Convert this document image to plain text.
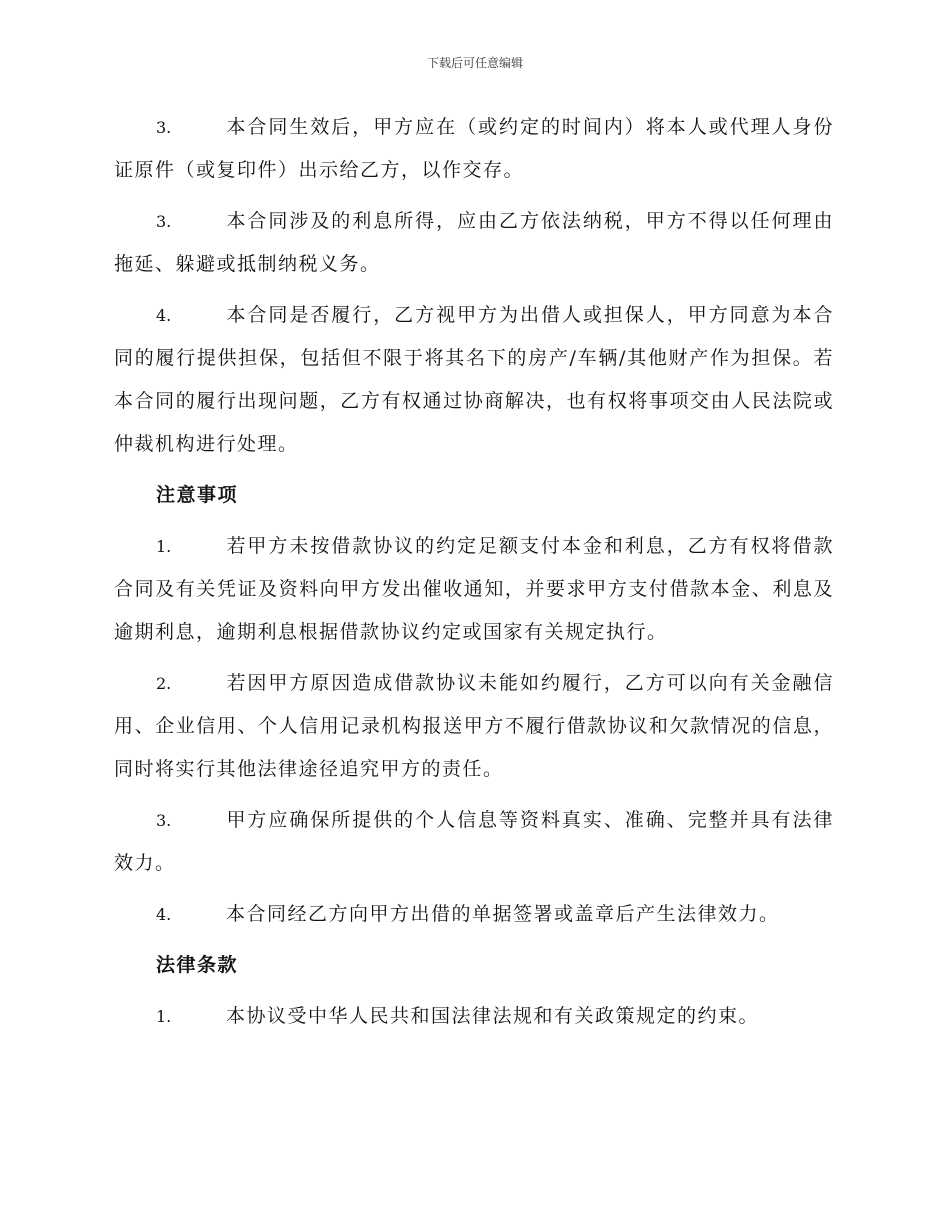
下载后可任意编辑

3.	本合同生效后，甲方应在（或约定的时间内）将本人或代理人身份证原件（或复印件）出示给乙方，以作交存。

3.	本合同涉及的利息所得，应由乙方依法纳税，甲方不得以任何理由拖延、躲避或抵制纳税义务。

4.	本合同是否履行，乙方视甲方为出借人或担保人，甲方同意为本合同的履行提供担保，包括但不限于将其名下的房产/车辆/其他财产作为担保。若本合同的履行出现问题，乙方有权通过协商解决，也有权将事项交由人民法院或仲裁机构进行处理。

注意事项

1.	若甲方未按借款协议的约定足额支付本金和利息，乙方有权将借款合同及有关凭证及资料向甲方发出催收通知，并要求甲方支付借款本金、利息及逾期利息，逾期利息根据借款协议约定或国家有关规定执行。

2.	若因甲方原因造成借款协议未能如约履行，乙方可以向有关金融信用、企业信用、个人信用记录机构报送甲方不履行借款协议和欠款情况的信息，同时将实行其他法律途径追究甲方的责任。

3.	甲方应确保所提供的个人信息等资料真实、准确、完整并具有法律效力。

4.	本合同经乙方向甲方出借的单据签署或盖章后产生法律效力。

法律条款

1.	本协议受中华人民共和国法律法规和有关政策规定的约束。
